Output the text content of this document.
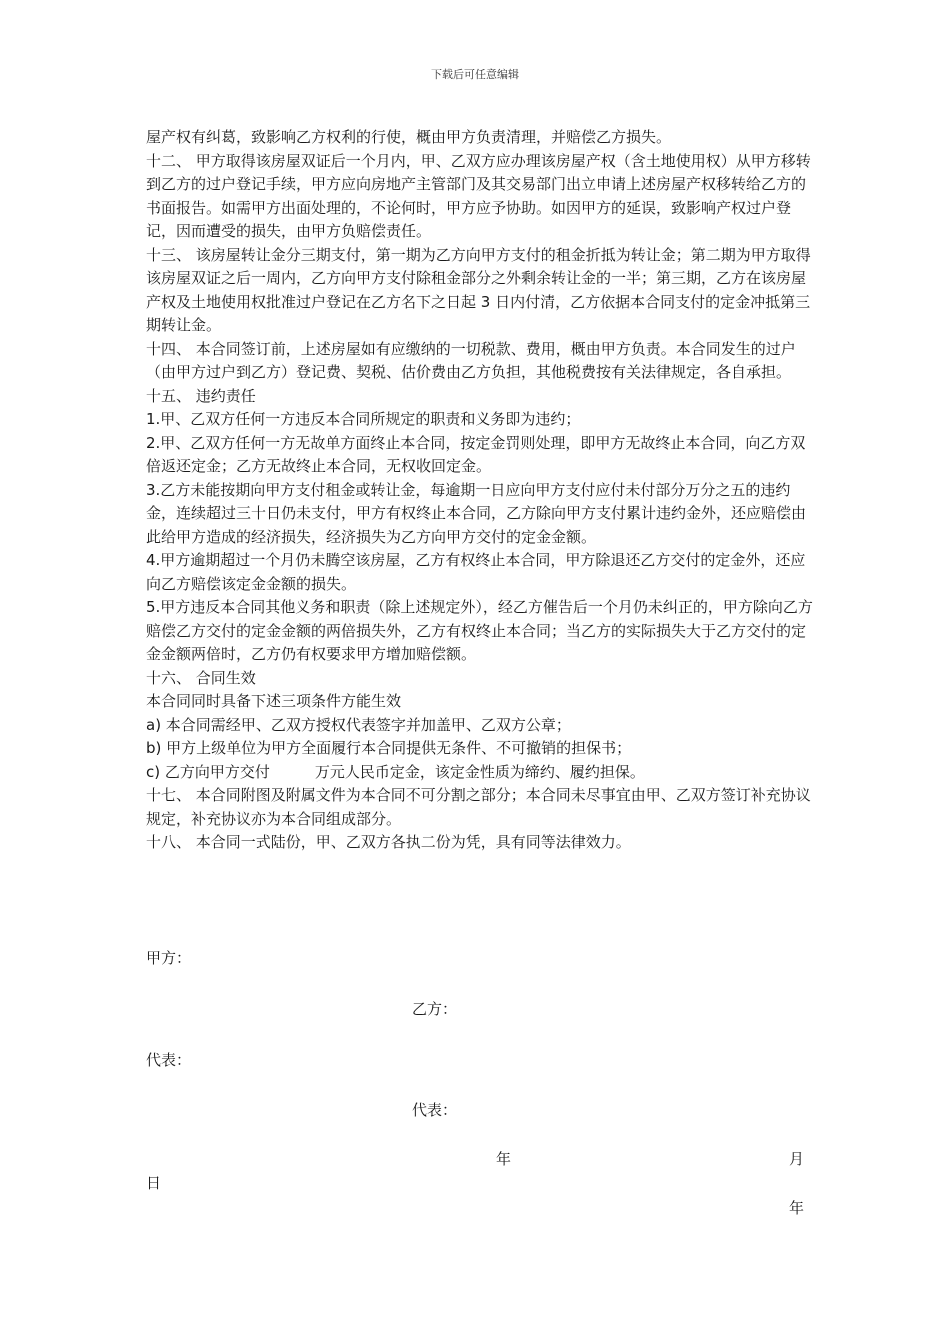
下载后可任意编辑

屋产权有纠葛，致影响乙方权利的行使，概由甲方负责清理，并赔偿乙方损失。

十二、 甲方取得该房屋双证后一个月内，甲、乙双方应办理该房屋产权（含土地使用权）从甲方移转到乙方的过户登记手续，甲方应向房地产主管部门及其交易部门出立申请上述房屋产权移转给乙方的书面报告。如需甲方出面处理的，不论何时，甲方应予协助。如因甲方的延误，致影响产权过户登记，因而遭受的损失，由甲方负赔偿责任。

十三、 该房屋转让金分三期支付，第一期为乙方向甲方支付的租金折抵为转让金；第二期为甲方取得该房屋双证之后一周内，乙方向甲方支付除租金部分之外剩余转让金的一半；第三期，乙方在该房屋产权及土地使用权批准过户登记在乙方名下之日起 3 日内付清，乙方依据本合同支付的定金冲抵第三期转让金。

十四、 本合同签订前，上述房屋如有应缴纳的一切税款、费用，概由甲方负责。本合同发生的过户（由甲方过户到乙方）登记费、契税、估价费由乙方负担，其他税费按有关法律规定，各自承担。

十五、 违约责任

1.甲、乙双方任何一方违反本合同所规定的职责和义务即为违约；

2.甲、乙双方任何一方无故单方面终止本合同，按定金罚则处理，即甲方无故终止本合同，向乙方双倍返还定金；乙方无故终止本合同，无权收回定金。

3.乙方未能按期向甲方支付租金或转让金，每逾期一日应向甲方支付应付未付部分万分之五的违约金，连续超过三十日仍未支付，甲方有权终止本合同，乙方除向甲方支付累计违约金外，还应赔偿由此给甲方造成的经济损失，经济损失为乙方向甲方交付的定金金额。

4.甲方逾期超过一个月仍未腾空该房屋，乙方有权终止本合同，甲方除退还乙方交付的定金外，还应向乙方赔偿该定金金额的损失。

5.甲方违反本合同其他义务和职责（除上述规定外），经乙方催告后一个月仍未纠正的，甲方除向乙方赔偿乙方交付的定金金额的两倍损失外，乙方有权终止本合同；当乙方的实际损失大于乙方交付的定金金额两倍时，乙方仍有权要求甲方增加赔偿额。

十六、 合同生效

本合同同时具备下述三项条件方能生效

a) 本合同需经甲、乙双方授权代表签字并加盖甲、乙双方公章；

b) 甲方上级单位为甲方全面履行本合同提供无条件、不可撤销的担保书；

c) 乙方向甲方交付　　　万元人民币定金，该定金性质为缔约、履约担保。

十七、 本合同附图及附属文件为本合同不可分割之部分；本合同未尽事宜由甲、乙双方签订补充协议规定，补充协议亦为本合同组成部分。

十八、 本合同一式陆份，甲、乙双方各执二份为凭，具有同等法律效力。

甲方：
乙方：
代表：
代表：
年	月
日
年
